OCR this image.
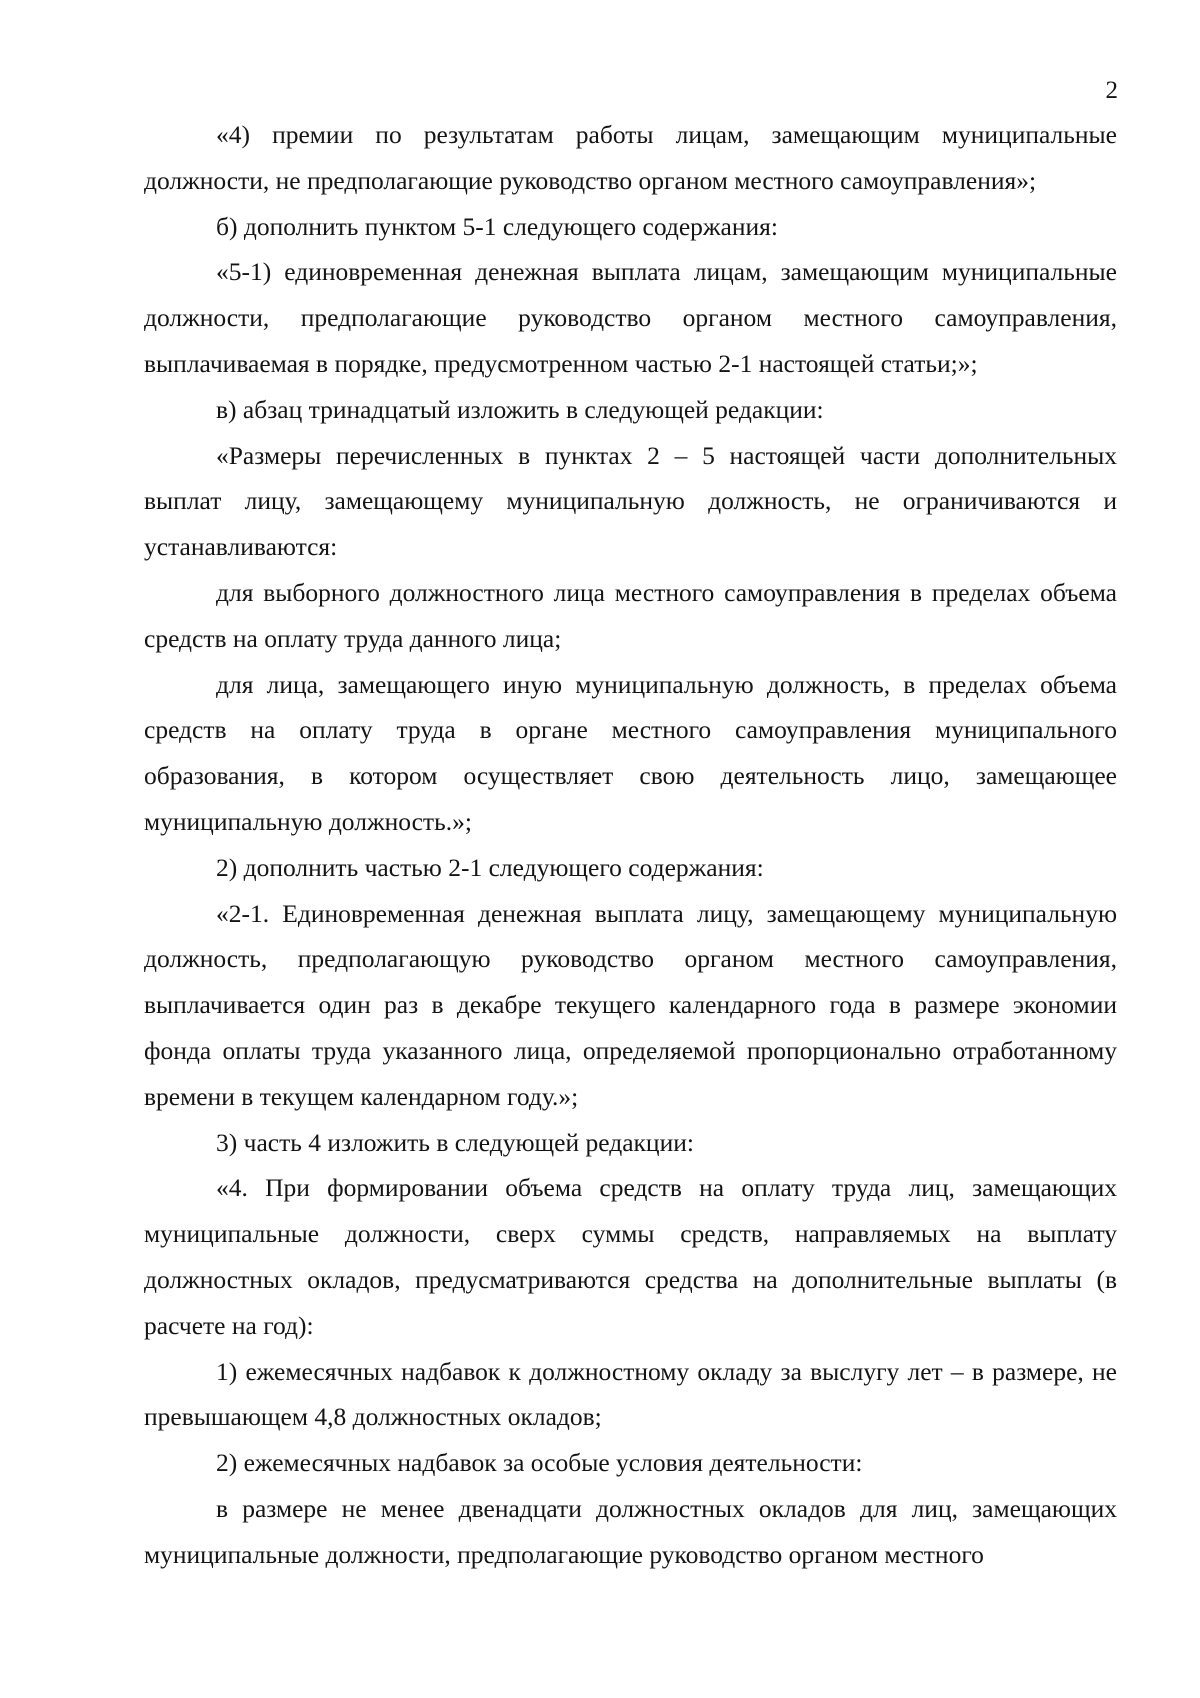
2

«4) премии по результатам работы лицам, замещающим муниципальные должности, не предполагающие руководство органом местного самоуправления»;

б) дополнить пунктом 5-1 следующего содержания:

«5-1) единовременная денежная выплата лицам, замещающим муниципальные должности, предполагающие руководство органом местного самоуправления, выплачиваемая в порядке, предусмотренном частью 2-1 настоящей статьи;»;

в) абзац тринадцатый изложить в следующей редакции:

«Размеры перечисленных в пунктах 2 – 5 настоящей части дополнительных выплат лицу, замещающему муниципальную должность, не ограничиваются и устанавливаются:

для выборного должностного лица местного самоуправления в пределах объема средств на оплату труда данного лица;

для лица, замещающего иную муниципальную должность, в пределах объема средств на оплату труда в органе местного самоуправления муниципального образования, в котором осуществляет свою деятельность лицо, замещающее муниципальную должность.»;

2) дополнить частью 2-1 следующего содержания:

«2-1. Единовременная денежная выплата лицу, замещающему муниципальную должность, предполагающую руководство органом местного самоуправления, выплачивается один раз в декабре текущего календарного года в размере экономии фонда оплаты труда указанного лица, определяемой пропорционально отработанному времени в текущем календарном году.»;

3) часть 4 изложить в следующей редакции:

«4. При формировании объема средств на оплату труда лиц, замещающих муниципальные должности, сверх суммы средств, направляемых на выплату должностных окладов, предусматриваются средства на дополнительные выплаты (в расчете на год):

1) ежемесячных надбавок к должностному окладу за выслугу лет – в размере, не превышающем 4,8 должностных окладов;

2) ежемесячных надбавок за особые условия деятельности:

в размере не менее двенадцати должностных окладов для лиц, замещающих муниципальные должности, предполагающие руководство органом местного
